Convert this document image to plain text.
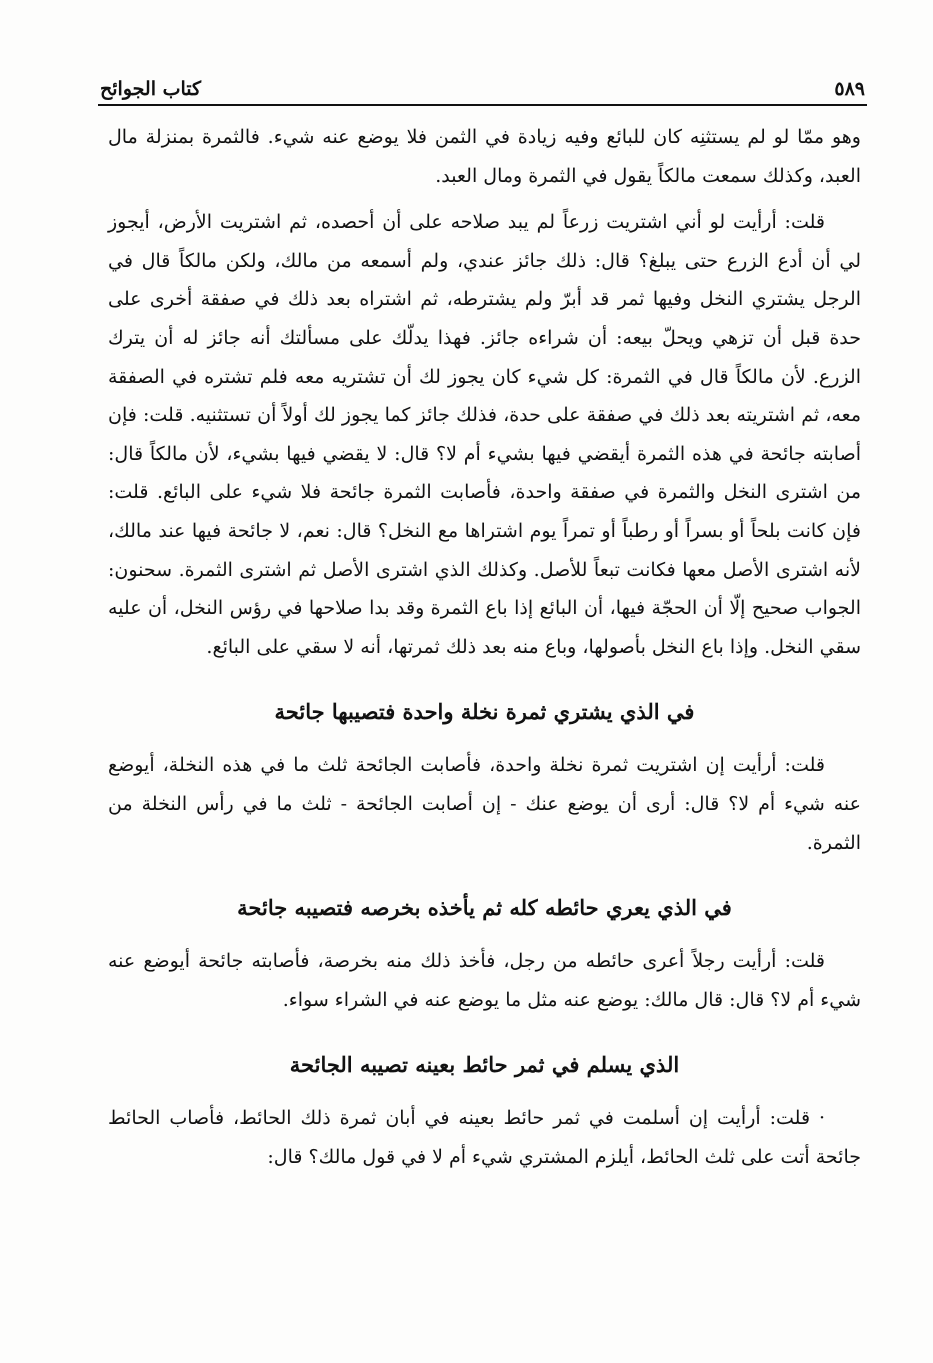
كتاب الجوائح	٥٨٩

وهو ممّا لو لم يستثنِه كان للبائع وفيه زيادة في الثمن فلا يوضع عنه شيء. فالثمرة بمنزلة مال العبد، وكذلك سمعت مالكاً يقول في الثمرة ومال العبد.

قلت: أرأيت لو أني اشتريت زرعاً لم يبد صلاحه على أن أحصده، ثم اشتريت الأرض، أيجوز لي أن أدع الزرع حتى يبلغ؟ قال: ذلك جائز عندي، ولم أسمعه من مالك، ولكن مالكاً قال في الرجل يشتري النخل وفيها ثمر قد أبرّ ولم يشترطه، ثم اشتراه بعد ذلك في صفقة أخرى على حدة قبل أن تزهي ويحلّ بيعه: أن شراءه جائز. فهذا يدلّك على مسألتك أنه جائز له أن يترك الزرع. لأن مالكاً قال في الثمرة: كل شيء كان يجوز لك أن تشتريه معه فلم تشتره في الصفقة معه، ثم اشتريته بعد ذلك في صفقة على حدة، فذلك جائز كما يجوز لك أولاً أن تستثنيه. قلت: فإن أصابته جائحة في هذه الثمرة أيقضي فيها بشيء أم لا؟ قال: لا يقضي فيها بشيء، لأن مالكاً قال: من اشترى النخل والثمرة في صفقة واحدة، فأصابت الثمرة جائحة فلا شيء على البائع. قلت: فإن كانت بلحاً أو بسراً أو رطباً أو تمراً يوم اشتراها مع النخل؟ قال: نعم، لا جائحة فيها عند مالك، لأنه اشترى الأصل معها فكانت تبعاً للأصل. وكذلك الذي اشترى الأصل ثم اشترى الثمرة. سحنون: الجواب صحيح إلّا أن الحجّة فيها، أن البائع إذا باع الثمرة وقد بدا صلاحها في رؤس النخل، أن عليه سقي النخل. وإذا باع النخل بأصولها، وباع منه بعد ذلك ثمرتها، أنه لا سقي على البائع.

في الذي يشتري ثمرة نخلة واحدة فتصيبها جائحة

قلت: أرأيت إن اشتريت ثمرة نخلة واحدة، فأصابت الجائحة ثلث ما في هذه النخلة، أيوضع عنه شيء أم لا؟ قال: أرى أن يوضع عنك - إن أصابت الجائحة - ثلث ما في رأس النخلة من الثمرة.

في الذي يعري حائطه كله ثم يأخذه بخرصه فتصيبه جائحة

قلت: أرأيت رجلاً أعرى حائطه من رجل، فأخذ ذلك منه بخرصة، فأصابته جائحة أيوضع عنه شيء أم لا؟ قال: قال مالك: يوضع عنه مثل ما يوضع عنه في الشراء سواء.

الذي يسلم في ثمر حائط بعينه تصيبه الجائحة

· قلت: أرأيت إن أسلمت في ثمر حائط بعينه في أبان ثمرة ذلك الحائط، فأصاب الحائط جائحة أتت على ثلث الحائط، أيلزم المشتري شيء أم لا في قول مالك؟ قال:
